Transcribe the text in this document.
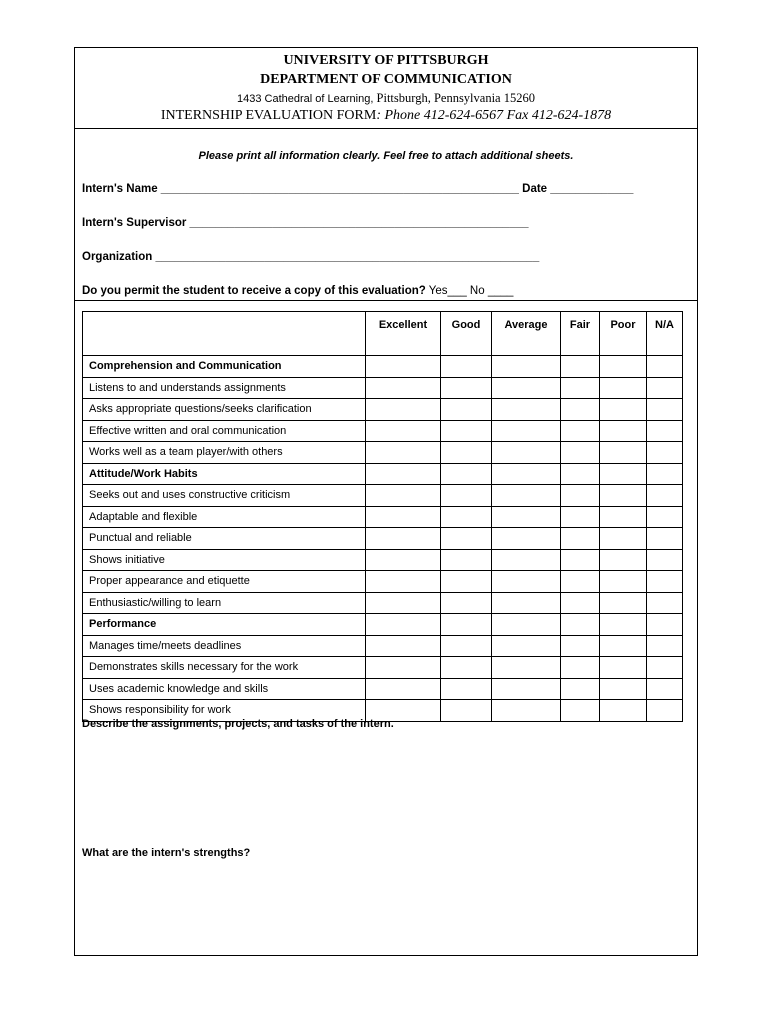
UNIVERSITY OF PITTSBURGH
DEPARTMENT OF COMMUNICATION
1433 Cathedral of Learning, Pittsburgh, Pennsylvania 15260
INTERNSHIP EVALUATION FORM: Phone 412-624-6567 Fax 412-624-1878
Please print all information clearly. Feel free to attach additional sheets.
Intern's Name ________________________________________________________ Date _____________
Intern's Supervisor _____________________________________________________
Organization ____________________________________________________________
Do you permit the student to receive a copy of this evaluation? Yes___ No ____
	Excellent	Good	Average	Fair	Poor	N/A
Comprehension and Communication						
Listens to and understands assignments						
Asks appropriate questions/seeks clarification						
Effective written and oral communication						
Works well as a team player/with others						
Attitude/Work Habits						
Seeks out and uses constructive criticism						
Adaptable and flexible						
Punctual and reliable						
Shows initiative						
Proper appearance and etiquette						
Enthusiastic/willing to learn						
Performance						
Manages time/meets deadlines						
Demonstrates skills necessary for the work						
Uses academic knowledge and skills						
Shows responsibility for work						
Describe the assignments, projects, and tasks of the intern.
What are the intern's strengths?
